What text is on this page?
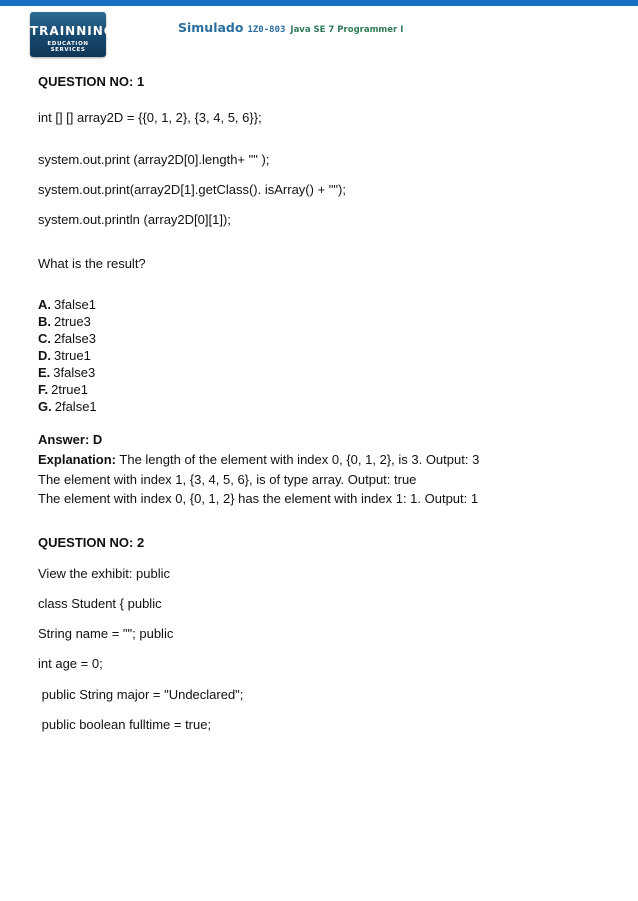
TRAINNING
EDUCATION SERVICES
Simulado 1Z0-803 Java SE 7 Programmer I
QUESTION NO: 1
int [] [] array2D = {{0, 1, 2}, {3, 4, 5, 6}};
system.out.print (array2D[0].length+ "" );
system.out.print(array2D[1].getClass(). isArray() + "");
system.out.println (array2D[0][1]);
What is the result?
A. 3false1
B. 2true3
C. 2false3
D. 3true1
E. 3false3
F. 2true1
G. 2false1
Answer: D
Explanation: The length of the element with index 0, {0, 1, 2}, is 3. Output: 3
The element with index 1, {3, 4, 5, 6}, is of type array. Output: true
The element with index 0, {0, 1, 2} has the element with index 1: 1. Output: 1
QUESTION NO: 2
View the exhibit: public
class Student { public
String name = ""; public
int age = 0;
public String major = "Undeclared";
public boolean fulltime = true;
